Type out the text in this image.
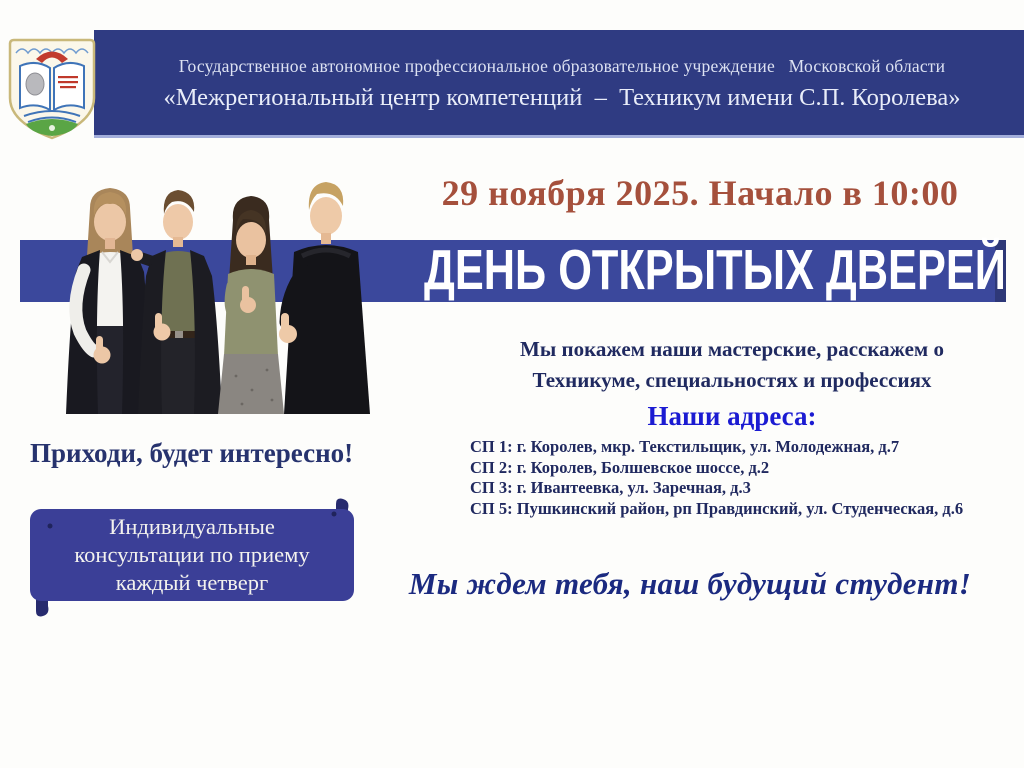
Государственное автономное профессиональное образовательное учреждение   Московской области
«Межрегиональный центр компетенций  –  Техникум имени С.П. Королева»
29 ноября 2025. Начало в 10:00
ДЕНЬ ОТКРЫТЫХ ДВЕРЕЙ
Приходи, будет интересно!
Индивидуальные
консультации по приему
каждый четверг
Мы покажем наши мастерские, расскажем о
Техникуме, специальностях и профессиях
Наши адреса:
СП 1: г. Королев, мкр. Текстильщик, ул. Молодежная, д.7
СП 2: г. Королев, Болшевское шоссе, д.2
СП 3: г. Ивантеевка, ул. Заречная, д.3
СП 5: Пушкинский район, рп Правдинский, ул. Студенческая, д.6
Мы ждем тебя, наш будущий студент!
